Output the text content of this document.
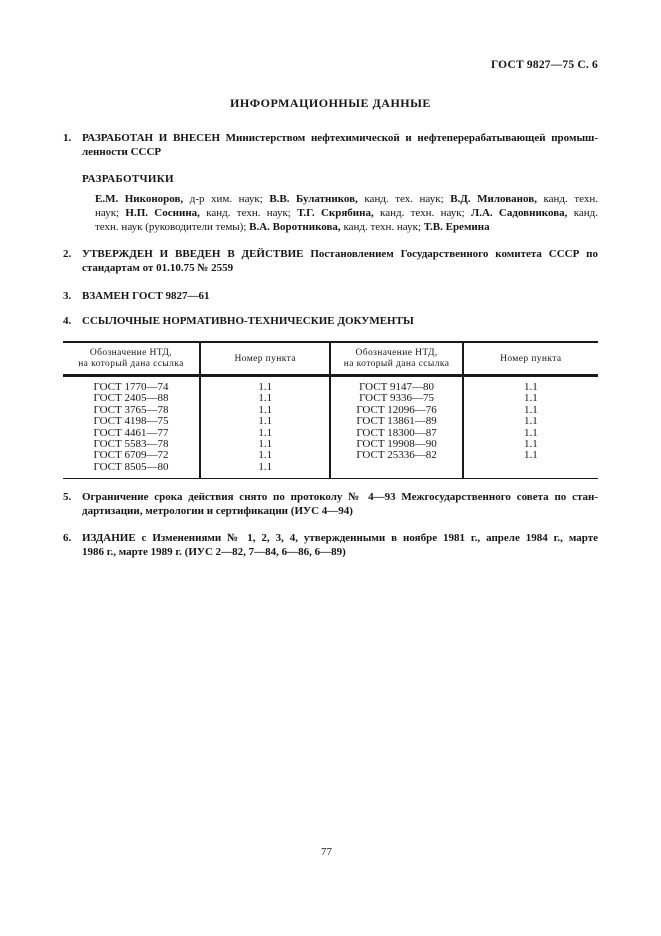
ГОСТ 9827—75 С. 6
ИНФОРМАЦИОННЫЕ ДАННЫЕ
1. РАЗРАБОТАН И ВНЕСЕН Министерством нефтехимической и нефтеперерабатывающей промыш-
ленности СССР
РАЗРАБОТЧИКИ
Е.М. Никоноров, д-р хим. наук; В.В. Булатников, канд. тех. наук; В.Д. Милованов, канд. техн.
наук; Н.П. Соснина, канд. техн. наук; Т.Г. Скрябина, канд. техн. наук; Л.А. Садовникова, канд.
техн. наук (руководители темы); В.А. Воротникова, канд. техн. наук; Т.В. Еремина
2. УТВЕРЖДЕН И ВВЕДЕН В ДЕЙСТВИЕ Постановлением Государственного комитета СССР по
стандартам от 01.10.75 № 2559
3. ВЗАМЕН ГОСТ 9827—61
4. ССЫЛОЧНЫЕ НОРМАТИВНО-ТЕХНИЧЕСКИЕ ДОКУМЕНТЫ
Обозначение НТД,
на который дана ссылка

Номер пункта

Обозначение НТД,
на который дана ссылка

Номер пункта

ГОСТ 1770—74	1.1	ГОСТ 9147—80	1.1
ГОСТ 2405—88	1.1	ГОСТ 9336—75	1.1
ГОСТ 3765—78	1.1	ГОСТ 12096—76	1.1
ГОСТ 4198—75	1.1	ГОСТ 13861—89	1.1
ГОСТ 4461—77	1.1	ГОСТ 18300—87	1.1
ГОСТ 5583—78	1.1	ГОСТ 19908—90	1.1
ГОСТ 6709—72	1.1	ГОСТ 25336—82	1.1
ГОСТ 8505—80	1.1		
5. Ограничение срока действия снято по протоколу № 4—93 Межгосударственного совета по стан-
дартизации, метрологии и сертификации (ИУС 4—94)
6. ИЗДАНИЕ с Изменениями № 1, 2, 3, 4, утвержденными в ноябре 1981 г., апреле 1984 г., марте
1986 г., марте 1989 г. (ИУС 2—82, 7—84, 6—86, 6—89)
77
